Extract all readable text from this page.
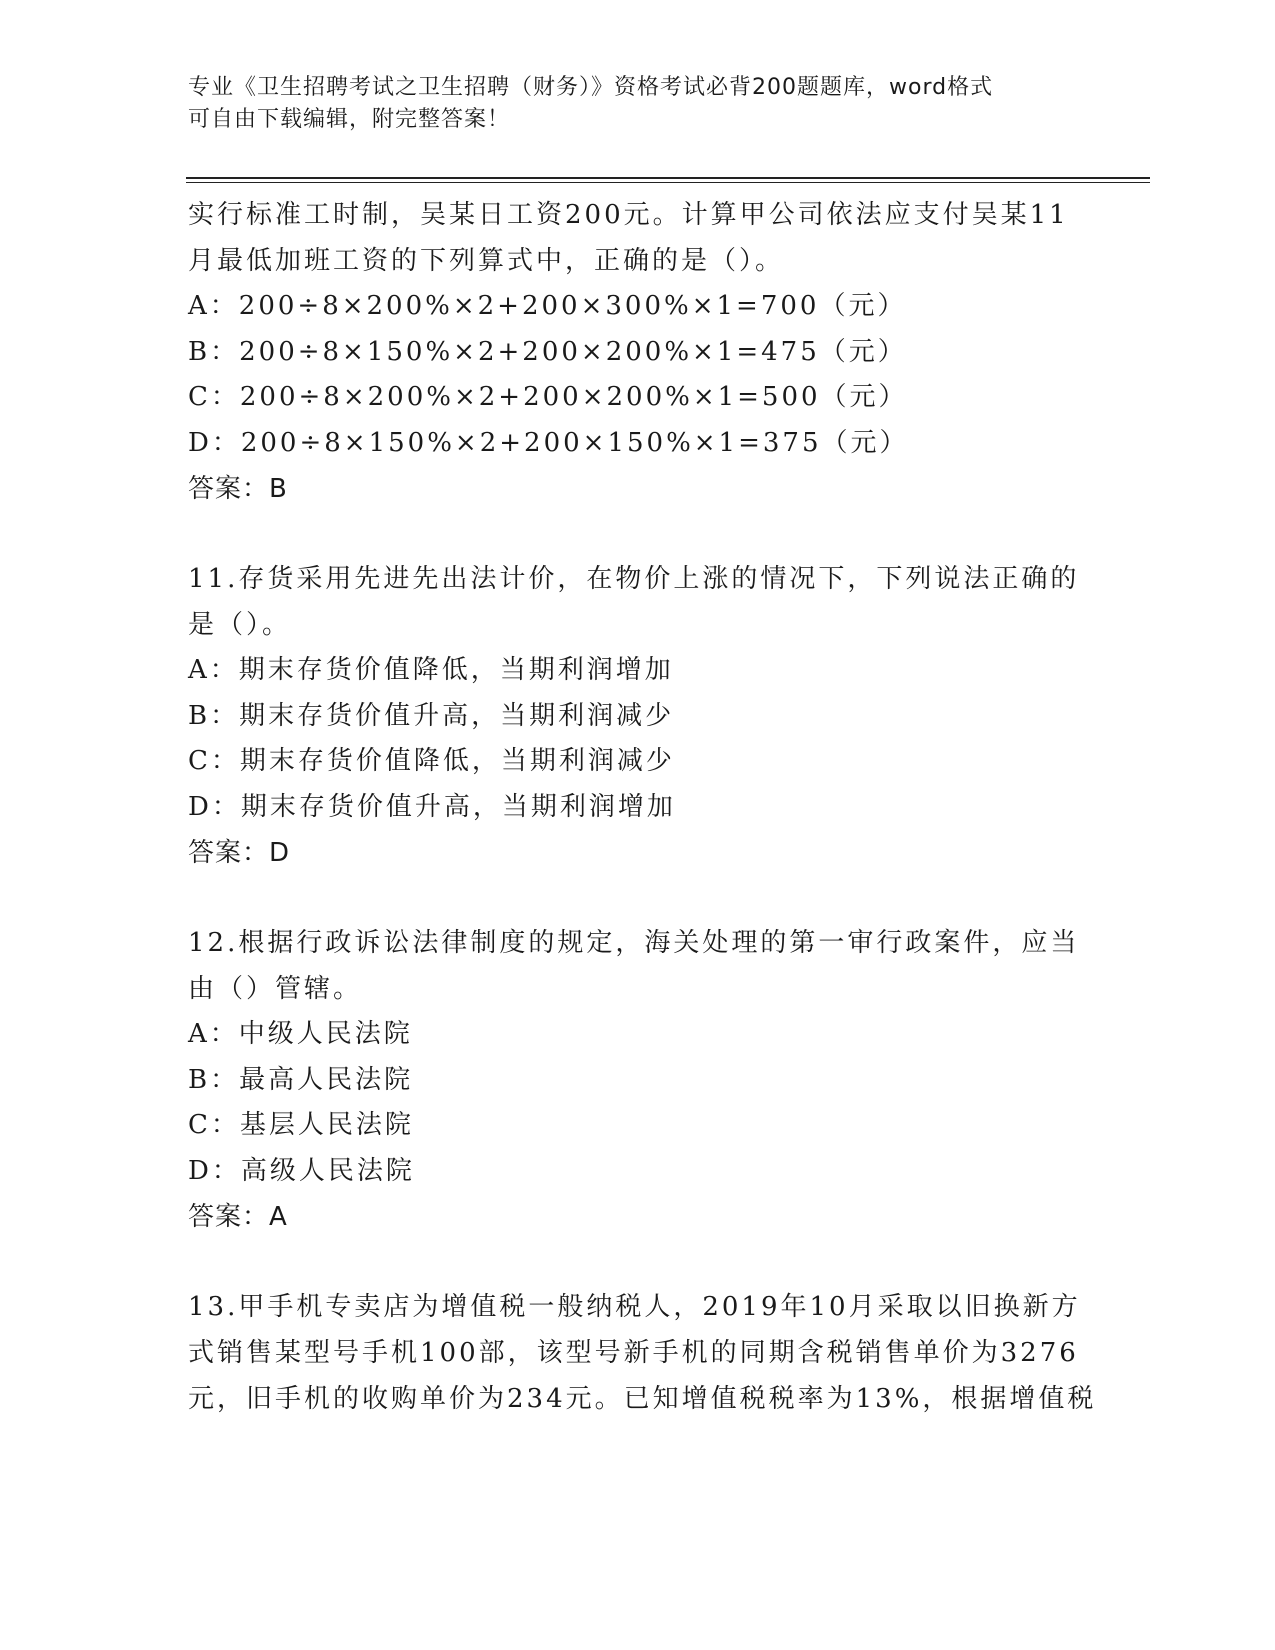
专业《卫生招聘考试之卫生招聘（财务）》资格考试必背200题题库，word格式
可自由下载编辑，附完整答案！
实行标准工时制，吴某日工资200元。计算甲公司依法应支付吴某11
月最低加班工资的下列算式中，正确的是（）。
A：200÷8×200%×2+200×300%×1=700（元）
B：200÷8×150%×2+200×200%×1=475（元）
C：200÷8×200%×2+200×200%×1=500（元）
D：200÷8×150%×2+200×150%×1=375（元）
答案：B
11.存货采用先进先出法计价，在物价上涨的情况下，下列说法正确的
是（）。
A：期末存货价值降低，当期利润增加
B：期末存货价值升高，当期利润减少
C：期末存货价值降低，当期利润减少
D：期末存货价值升高，当期利润增加
答案：D
12.根据行政诉讼法律制度的规定，海关处理的第一审行政案件，应当
由（）管辖。
A：中级人民法院
B：最高人民法院
C：基层人民法院
D：高级人民法院
答案：A
13.甲手机专卖店为增值税一般纳税人，2019年10月采取以旧换新方
式销售某型号手机100部，该型号新手机的同期含税销售单价为3276
元，旧手机的收购单价为234元。已知增值税税率为13%，根据增值税
